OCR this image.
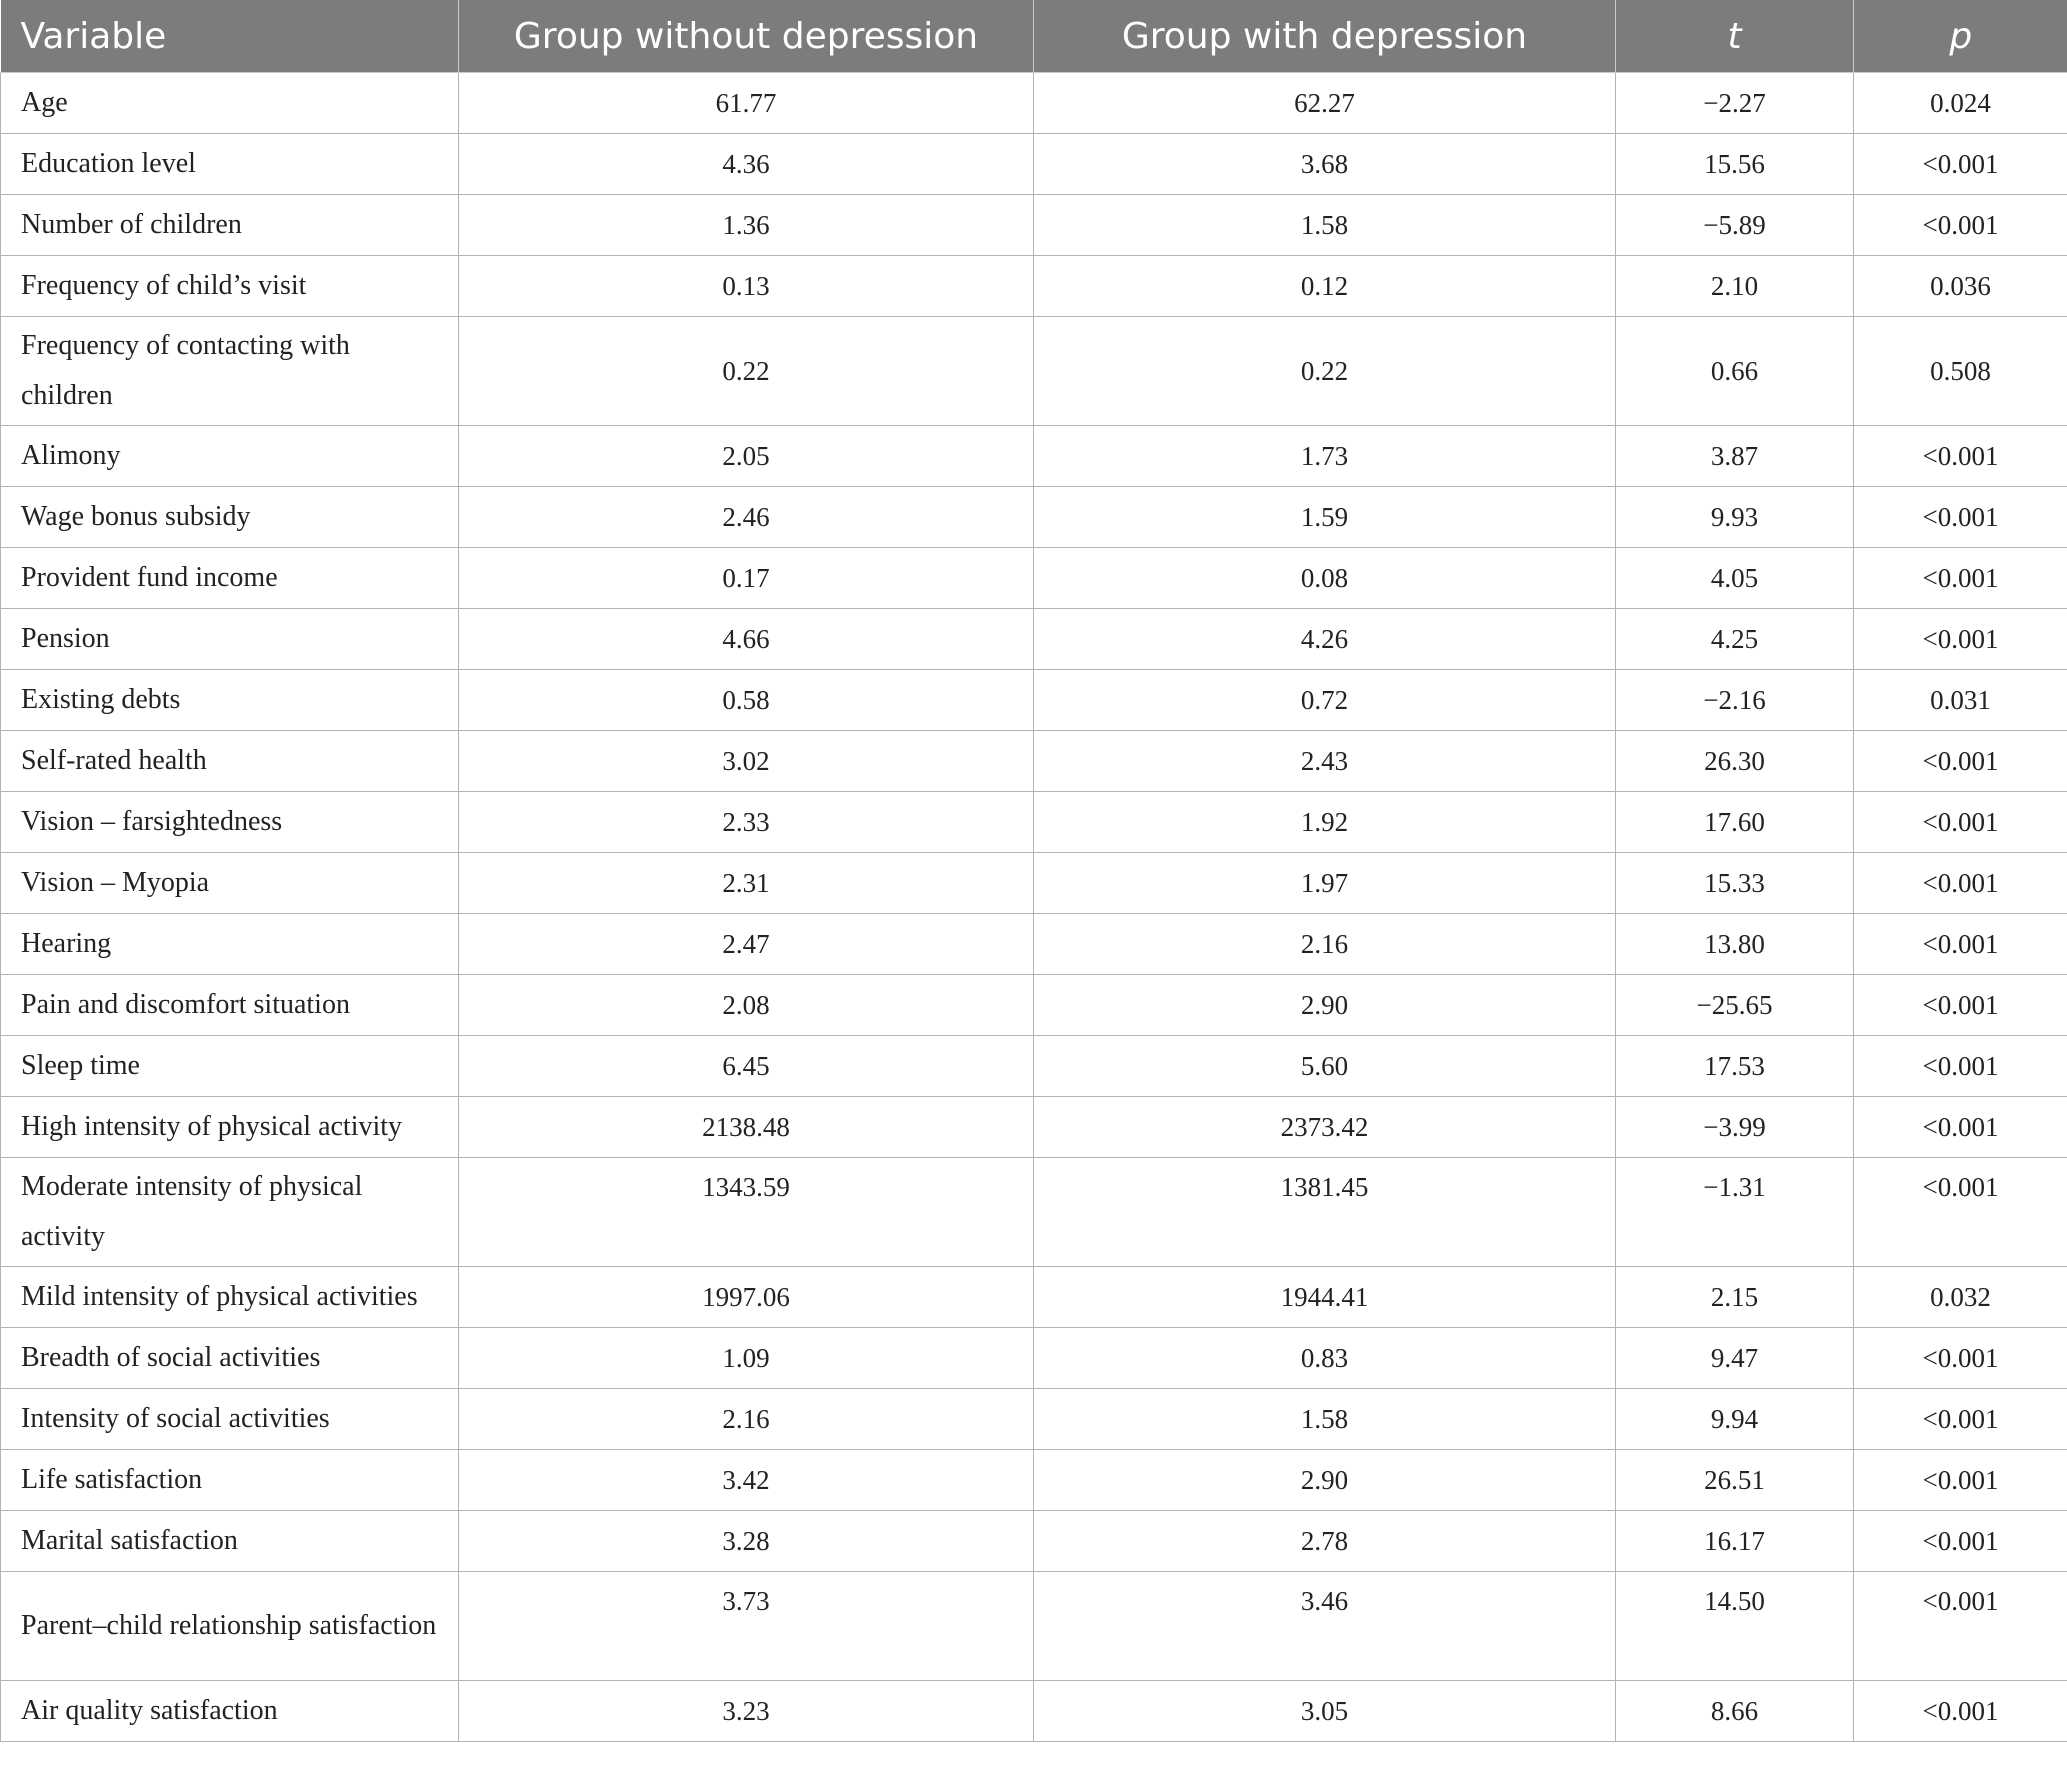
Variable	Group without depression	Group with depression	t	p
Age	61.77	62.27	−2.27	0.024
Education level	4.36	3.68	15.56	<0.001
Number of children	1.36	1.58	−5.89	<0.001
Frequency of child’s visit	0.13	0.12	2.10	0.036
Frequency of contacting with children	0.22	0.22	0.66	0.508
Alimony	2.05	1.73	3.87	<0.001
Wage bonus subsidy	2.46	1.59	9.93	<0.001
Provident fund income	0.17	0.08	4.05	<0.001
Pension	4.66	4.26	4.25	<0.001
Existing debts	0.58	0.72	−2.16	0.031
Self-rated health	3.02	2.43	26.30	<0.001
Vision – farsightedness	2.33	1.92	17.60	<0.001
Vision – Myopia	2.31	1.97	15.33	<0.001
Hearing	2.47	2.16	13.80	<0.001
Pain and discomfort situation	2.08	2.90	−25.65	<0.001
Sleep time	6.45	5.60	17.53	<0.001
High intensity of physical activity	2138.48	2373.42	−3.99	<0.001
Moderate intensity of physical activity	1343.59	1381.45	−1.31	<0.001
Mild intensity of physical activities	1997.06	1944.41	2.15	0.032
Breadth of social activities	1.09	0.83	9.47	<0.001
Intensity of social activities	2.16	1.58	9.94	<0.001
Life satisfaction	3.42	2.90	26.51	<0.001
Marital satisfaction	3.28	2.78	16.17	<0.001
Parent–child relationship satisfaction	3.73	3.46	14.50	<0.001
Air quality satisfaction	3.23	3.05	8.66	<0.001
